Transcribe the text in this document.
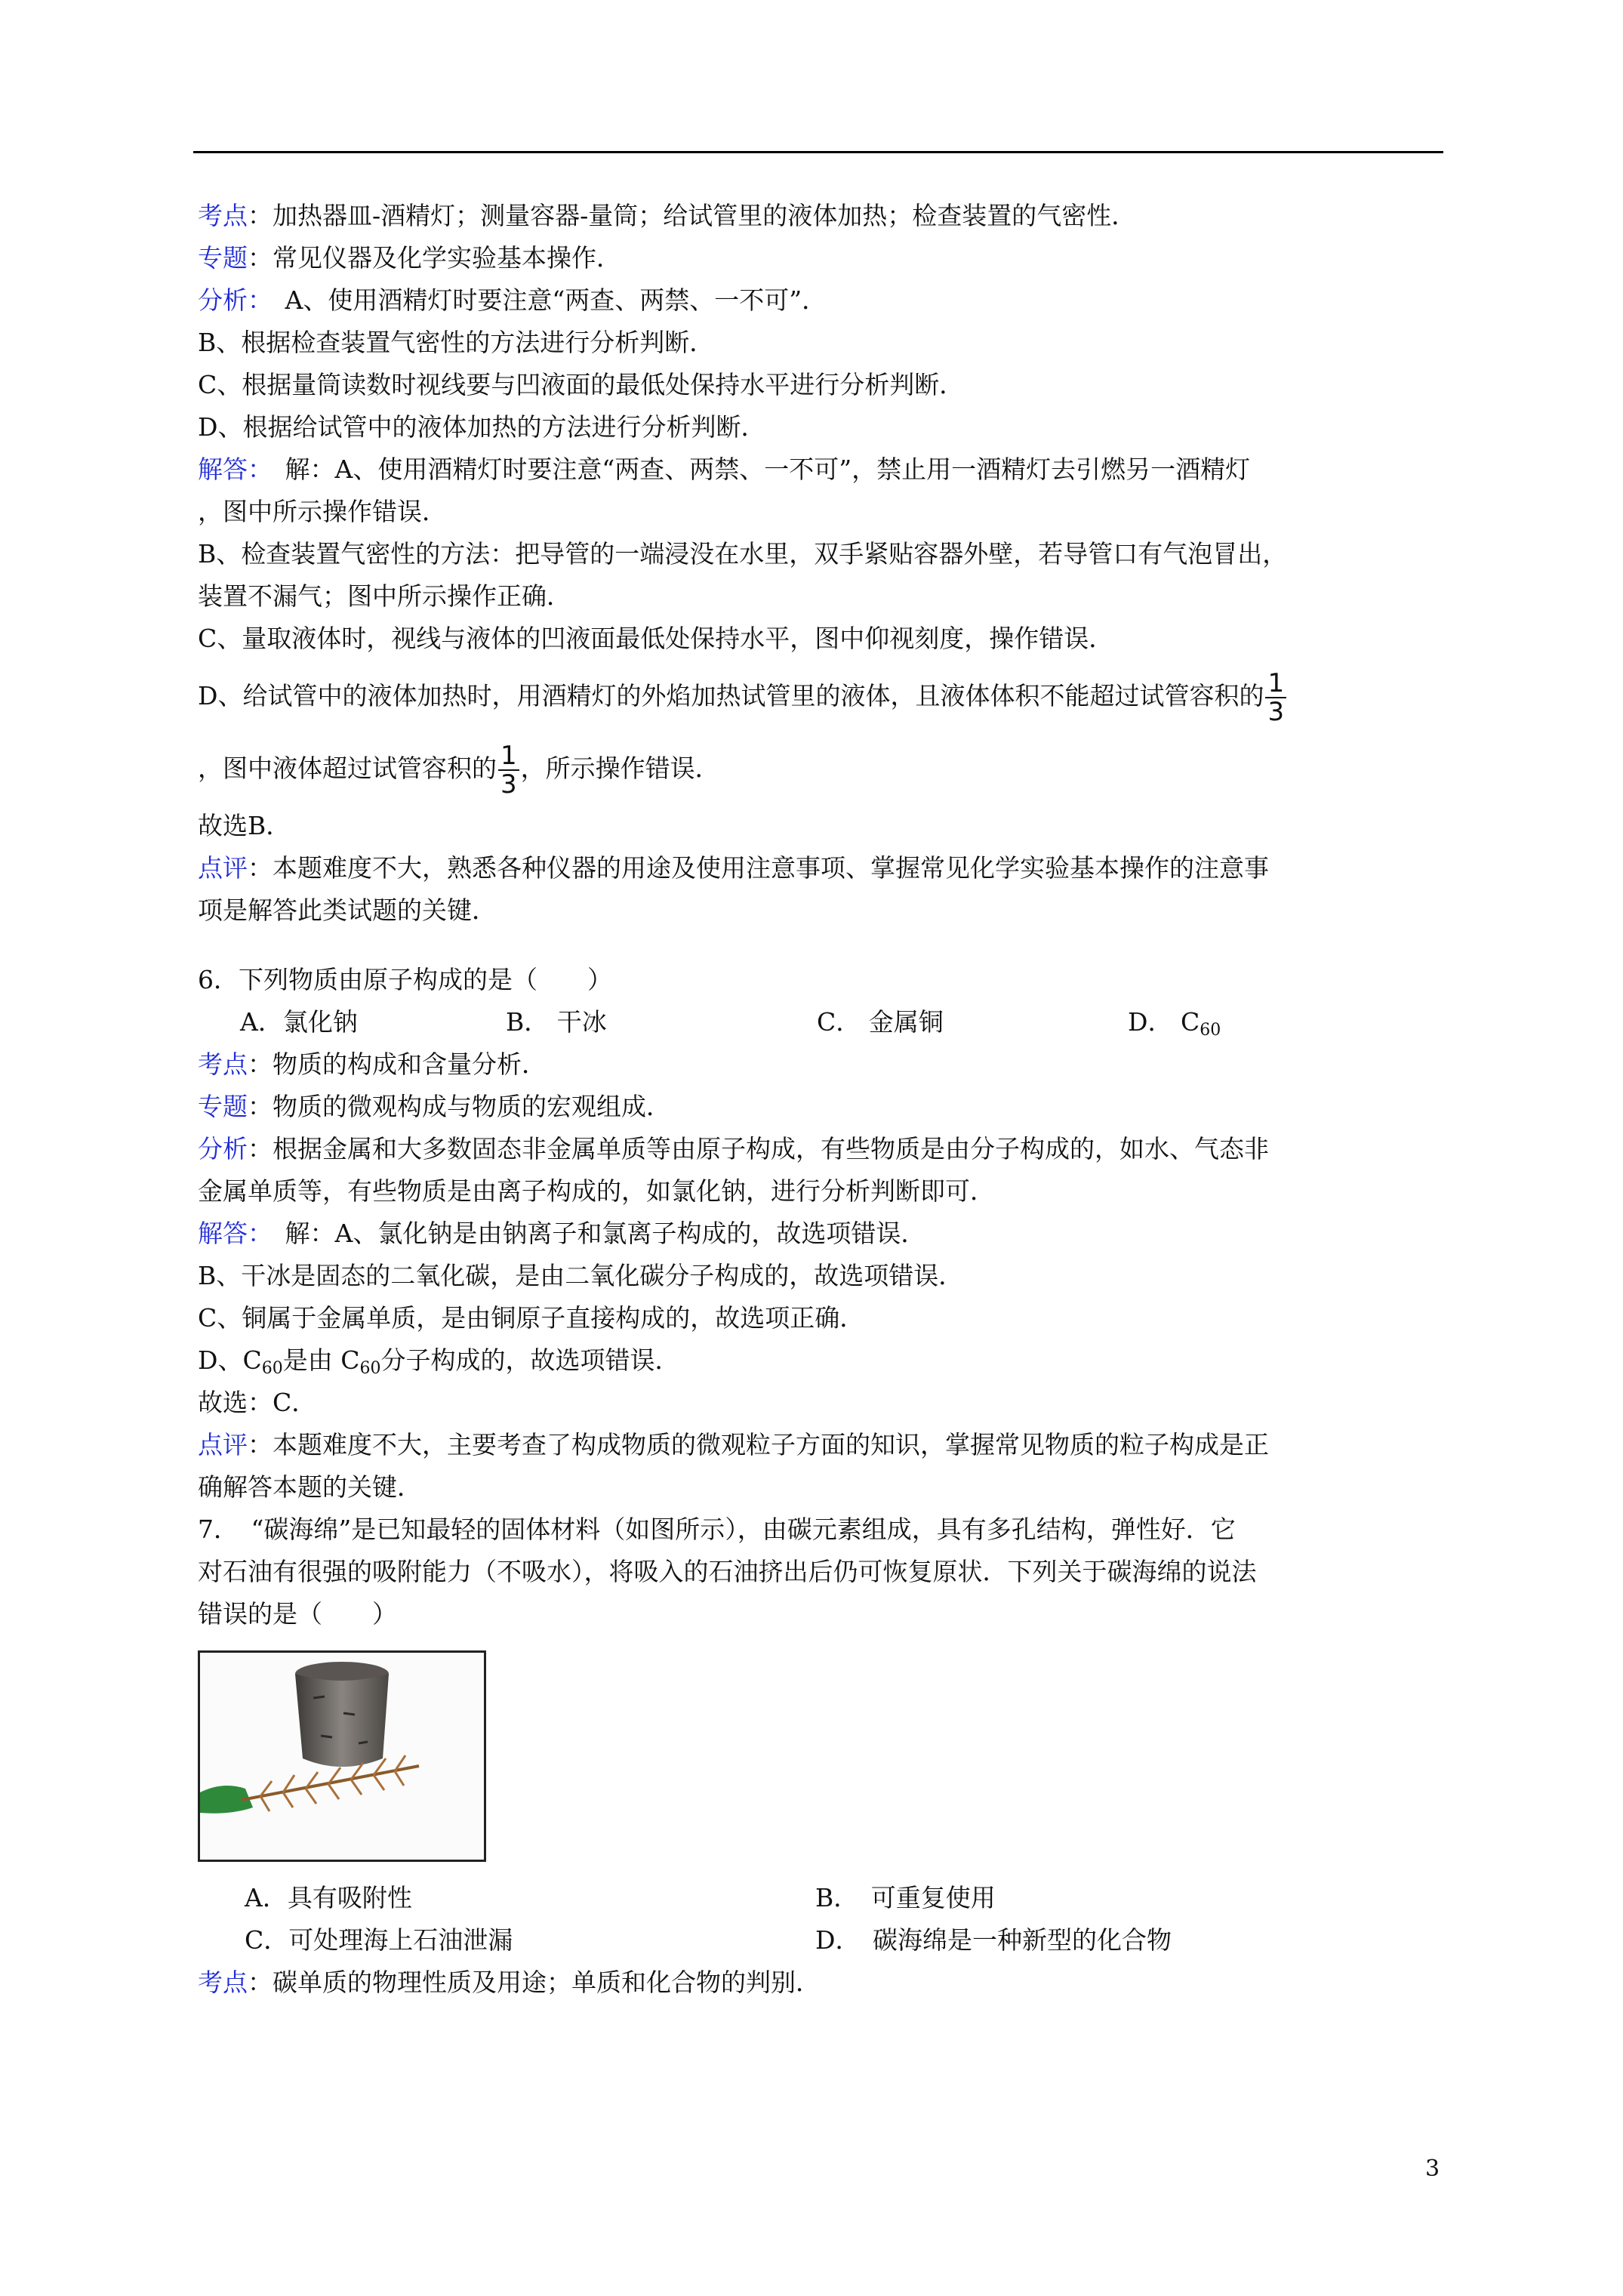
考点：加热器皿-酒精灯；测量容器-量筒；给试管里的液体加热；检查装置的气密性．
专题：常见仪器及化学实验基本操作．
分析：　A、使用酒精灯时要注意“两查、两禁、一不可”．
B、根据检查装置气密性的方法进行分析判断．
C、根据量筒读数时视线要与凹液面的最低处保持水平进行分析判断．
D、根据给试管中的液体加热的方法进行分析判断．
解答：　解：A、使用酒精灯时要注意“两查、两禁、一不可”，禁止用一酒精灯去引燃另一酒精灯
，图中所示操作错误．
B、检查装置气密性的方法：把导管的一端浸没在水里，双手紧贴容器外壁，若导管口有气泡冒出，
装置不漏气；图中所示操作正确．
C、量取液体时，视线与液体的凹液面最低处保持水平，图中仰视刻度，操作错误．
D、给试管中的液体加热时，用酒精灯的外焰加热试管里的液体，且液体体积不能超过试管容积的 $\frac{1}{3}$
，图中液体超过试管容积的 $\frac{1}{3}$ ，所示操作错误．
故选B．
点评：本题难度不大，熟悉各种仪器的用途及使用注意事项、掌握常见化学实验基本操作的注意事
项是解答此类试题的关键．
6．下列物质由原子构成的是（　　）
A．氯化钠	B． 干冰	C． 金属铜	D． $C_{60}$
考点：物质的构成和含量分析．
专题：物质的微观构成与物质的宏观组成．
分析：根据金属和大多数固态非金属单质等由原子构成，有些物质是由分子构成的，如水、气态非
金属单质等，有些物质是由离子构成的，如氯化钠，进行分析判断即可．
解答：　解：A、氯化钠是由钠离子和氯离子构成的，故选项错误．
B、干冰是固态的二氧化碳，是由二氧化碳分子构成的，故选项错误．
C、铜属于金属单质，是由铜原子直接构成的，故选项正确．
D、$C_{60}$是由 $C_{60}$分子构成的，故选项错误．
故选：C．
点评：本题难度不大，主要考查了构成物质的微观粒子方面的知识，掌握常见物质的粒子构成是正
确解答本题的关键．
7．　“碳海绵”是已知最轻的固体材料（如图所示），由碳元素组成，具有多孔结构，弹性好．它
对石油有很强的吸附能力（不吸水），将吸入的石油挤出后仍可恢复原状．下列关于碳海绵的说法
错误的是（　　）
A．具有吸附性	B．　可重复使用
C．可处理海上石油泄漏	D．　碳海绵是一种新型的化合物
考点：碳单质的物理性质及用途；单质和化合物的判别．
3
